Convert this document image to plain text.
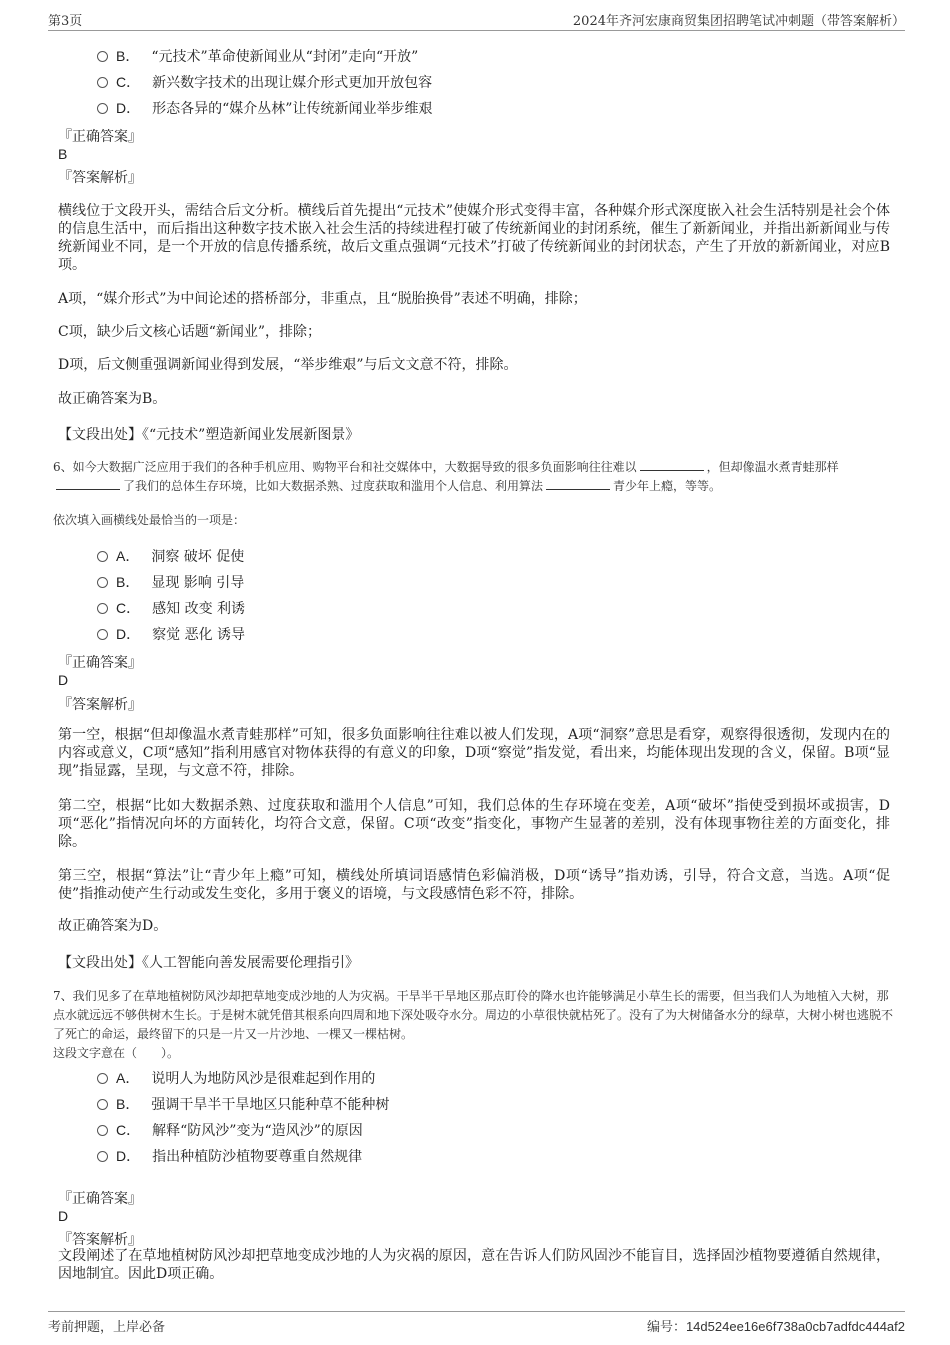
第3页	2024年齐河宏康商贸集团招聘笔试冲刺题（带答案解析）
B． “元技术”革命使新闻业从“封闭”走向“开放”
C． 新兴数字技术的出现让媒介形式更加开放包容
D． 形态各异的“媒介丛林”让传统新闻业举步维艰
『正确答案』
B
『答案解析』
横线位于文段开头，需结合后文分析。横线后首先提出“元技术”使媒介形式变得丰富，各种媒介形式深度嵌入社会生活特别是社会个体的信息生活中，而后指出这种数字技术嵌入社会生活的持续进程打破了传统新闻业的封闭系统，催生了新新闻业，并指出新新闻业与传统新闻业不同，是一个开放的信息传播系统，故后文重点强调“元技术”打破了传统新闻业的封闭状态，产生了开放的新新闻业，对应B项。
A项，“媒介形式”为中间论述的搭桥部分，非重点，且“脱胎换骨”表述不明确，排除；
C项，缺少后文核心话题“新闻业”，排除；
D项，后文侧重强调新闻业得到发展，“举步维艰”与后文文意不符，排除。
故正确答案为B。
【文段出处】《“元技术”塑造新闻业发展新图景》
6、如今大数据广泛应用于我们的各种手机应用、购物平台和社交媒体中，大数据导致的很多负面影响往往难以	，但却像温水煮青蛙那样了我们的总体生存环境，比如大数据杀熟、过度获取和滥用个人信息、利用算法	青少年上瘾，等等。
依次填入画横线处最恰当的一项是：
A． 洞察 破坏 促使
B． 显现 影响 引导
C． 感知 改变 利诱
D． 察觉 恶化 诱导
『正确答案』
D
『答案解析』
第一空，根据“但却像温水煮青蛙那样”可知，很多负面影响往往难以被人们发现，A项“洞察”意思是看穿，观察得很透彻，发现内在的内容或意义，C项“感知”指利用感官对物体获得的有意义的印象，D项“察觉”指发觉，看出来，均能体现出发现的含义，保留。B项“显现”指显露，呈现，与文意不符，排除。
第二空，根据“比如大数据杀熟、过度获取和滥用个人信息”可知，我们总体的生存环境在变差，A项“破坏”指使受到损坏或损害，D项“恶化”指情况向坏的方面转化，均符合文意，保留。C项“改变”指变化，事物产生显著的差别，没有体现事物往差的方面变化，排除。
第三空，根据“算法”让“青少年上瘾”可知，横线处所填词语感情色彩偏消极，D项“诱导”指劝诱，引导，符合文意，当选。A项“促使”指推动使产生行动或发生变化，多用于褒义的语境，与文段感情色彩不符，排除。
故正确答案为D。
【文段出处】《人工智能向善发展需要伦理指引》
7、我们见多了在草地植树防风沙却把草地变成沙地的人为灾祸。干旱半干旱地区那点盯伶的降水也许能够满足小草生长的需要，但当我们人为地植入大树，那点水就远远不够供树木生长。于是树木就凭借其根系向四周和地下深处吸夺水分。周边的小草很快就枯死了。没有了为大树储备水分的绿草，大树小树也逃脱不了死亡的命运，最终留下的只是一片又一片沙地、一棵又一棵枯树。
这段文字意在（　　）。
A． 说明人为地防风沙是很难起到作用的
B． 强调干旱半干旱地区只能种草不能种树
C． 解释“防风沙”变为“造风沙”的原因
D． 指出种植防沙植物要尊重自然规律
『正确答案』
D
『答案解析』
文段阐述了在草地植树防风沙却把草地变成沙地的人为灾祸的原因，意在告诉人们防风固沙不能盲目，选择固沙植物要遵循自然规律，因地制宜。因此D项正确。
考前押题，上岸必备	编号：14d524ee16e6f738a0cb7adfdc444af2
